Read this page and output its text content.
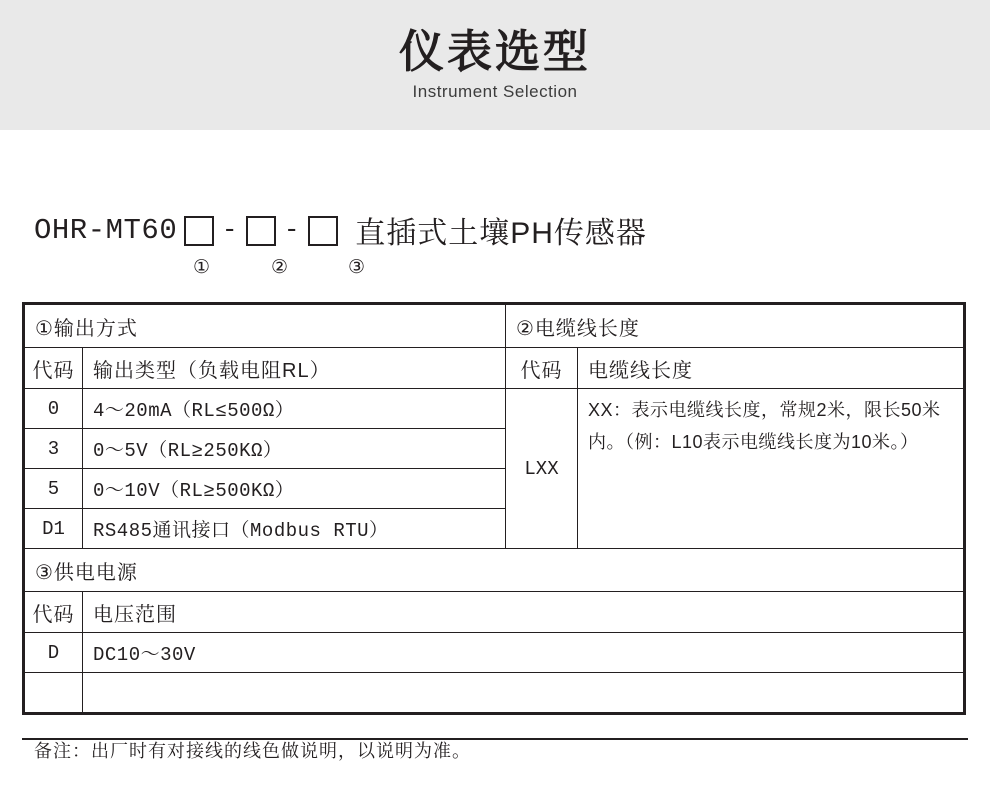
仪表选型
Instrument Selection
OHR-MT60 - - 直插式土壤PH传感器
①	②	③
①输出方式		②电缆线长度	
代码	输出类型（负载电阻RL）	代码	电缆线长度
0	4～20mA（RL≤500Ω）	LXX	XX：表示电缆线长度，常规2米，限长50米内。（例：L10表示电缆线长度为10米。）
3	0～5V（RL≥250KΩ）		
5	0～10V（RL≥500KΩ）		
D1	RS485通讯接口（Modbus RTU）		
③供电电源			
代码	电压范围		
D	DC10～30V		

备注：出厂时有对接线的线色做说明，以说明为准。
